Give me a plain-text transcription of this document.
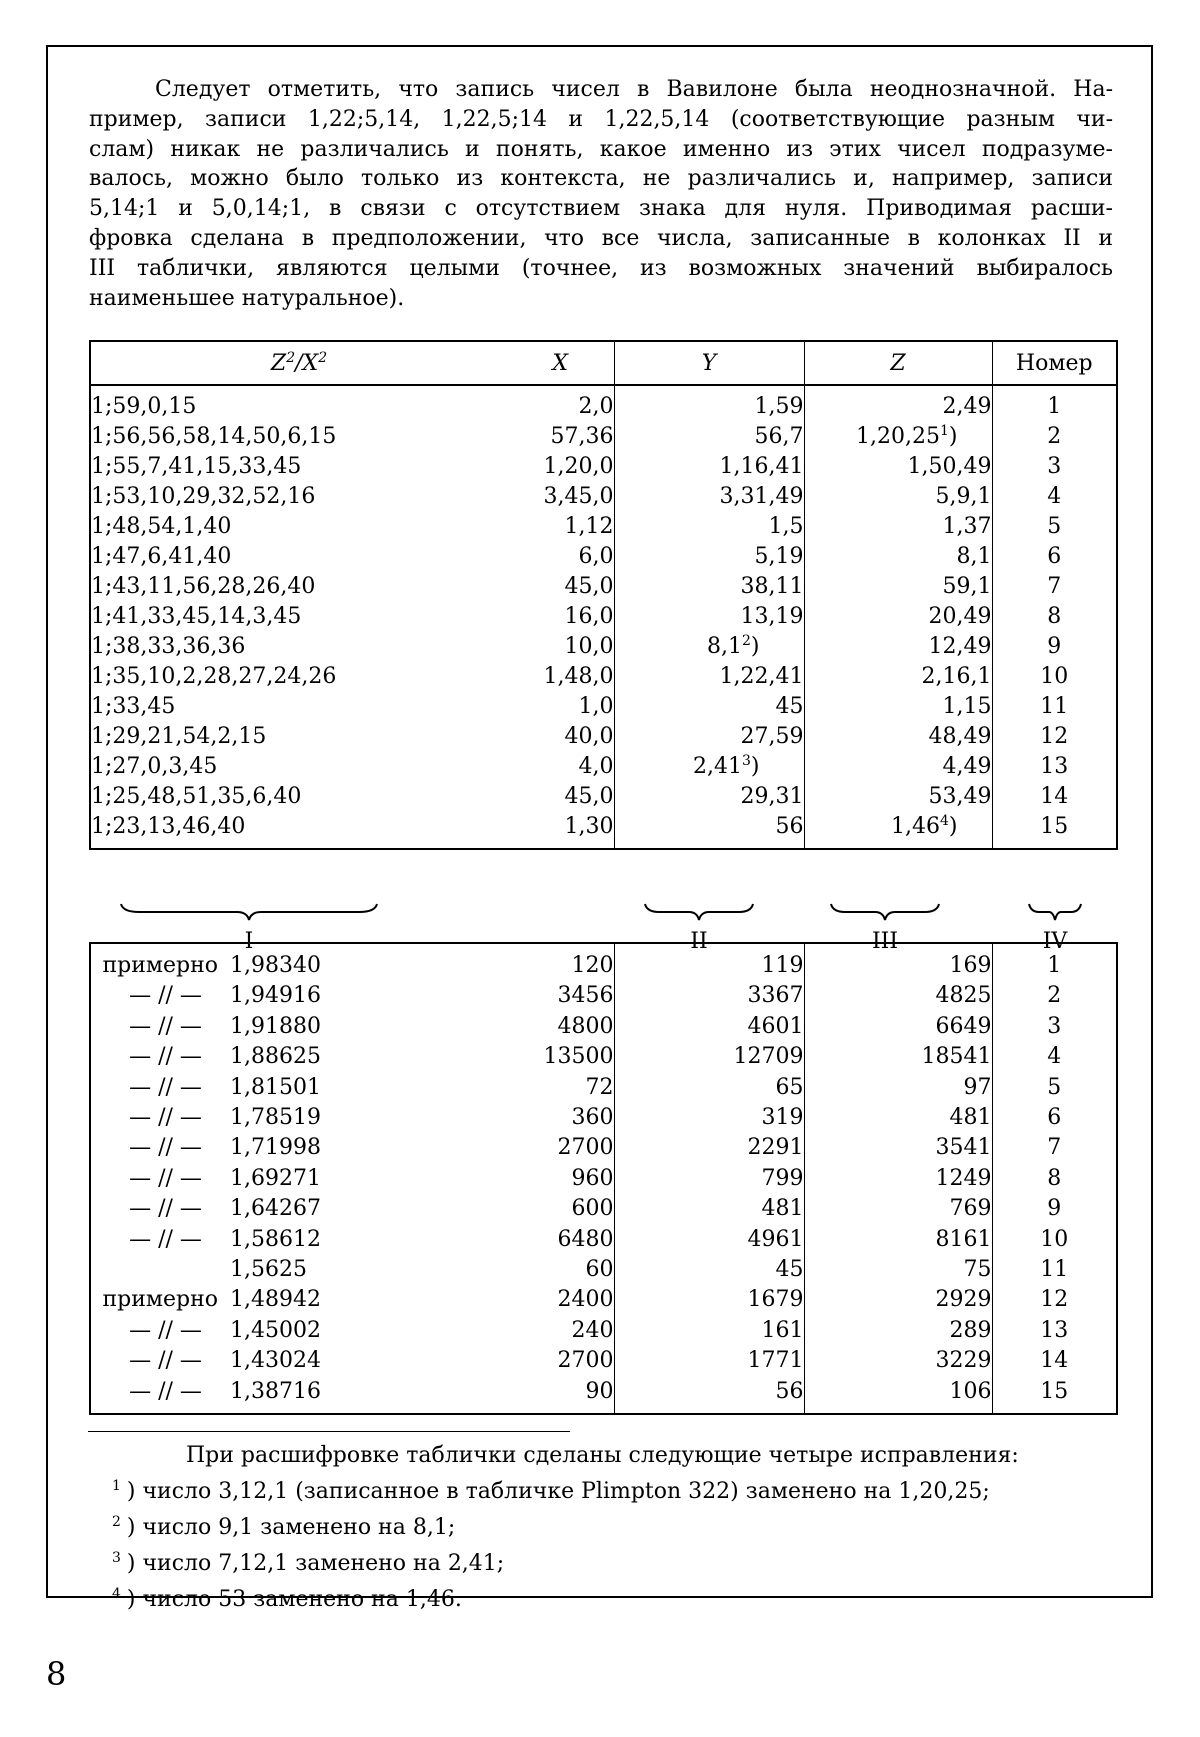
Следует отметить, что запись чисел в Вавилоне была неоднозначной. На-
пример, записи 1,22;5,14, 1,22,5;14 и 1,22,5,14 (соответствующие разным чи-
слам) никак не различались и понять, какое именно из этих чисел подразуме-
валось, можно было только из контекста, не различались и, например, записи
5,14;1 и 5,0,14;1, в связи с отсутствием знака для нуля. Приводимая расши-
фровка сделана в предположении, что все числа, записанные в колонках II и
III таблички, являются целыми (точнее, из возможных значений выбиралось
наименьшее натуральное).

$Z^2/X^2$	X	Y	Z	Номер
1;59,0,15	2,0	1,59	2,49	1
1;56,56,58,14,50,6,15	57,36	56,7	1,20,25$^1$)	2
1;55,7,41,15,33,45	1,20,0	1,16,41	1,50,49	3
1;53,10,29,32,52,16	3,45,0	3,31,49	5,9,1	4
1;48,54,1,40	1,12	1,5	1,37	5
1;47,6,41,40	6,0	5,19	8,1	6
1;43,11,56,28,26,40	45,0	38,11	59,1	7
1;41,33,45,14,3,45	16,0	13,19	20,49	8
1;38,33,36,36	10,0	$8,1^2$)	12,49	9
1;35,10,2,28,27,24,26	1,48,0	1,22,41	2,16,1	10
1;33,45	1,0	45	1,15	11
1;29,21,54,2,15	40,0	27,59	48,49	12
1;27,0,3,45	4,0	2,41$^3$)	4,49	13
1;25,48,51,35,6,40	45,0	29,31	53,49	14
1;23,13,46,40	1,30	56	1,46$^4$)	15
I	II	III	IV
примерно 1,98340	120	119	169	1
— // — 1,94916	3456	3367	4825	2
— // — 1,91880	4800	4601	6649	3
— // — 1,88625	13500	12709	18541	4
— // — 1,81501	72	65	97	5
— // — 1,78519	360	319	481	6
— // — 1,71998	2700	2291	3541	7
— // — 1,69271	960	799	1249	8
— // — 1,64267	600	481	769	9
— // — 1,58612	6480	4961	8161	10
1,5625	60	45	75	11
примерно 1,48942	2400	1679	2929	12
— // — 1,45002	240	161	289	13
— // — 1,43024	2700	1771	3229	14
— // — 1,38716	90	56	106	15
При расшифровке таблички сделаны следующие четыре исправления:
$^1$ ) число 3,12,1 (записанное в табличке Plimpton 322) заменено на 1,20,25;
$^2$ ) число 9,1 заменено на 8,1;
$^3$ ) число 7,12,1 заменено на 2,41;
$^4$ ) число 53 заменено на 1,46.
8
